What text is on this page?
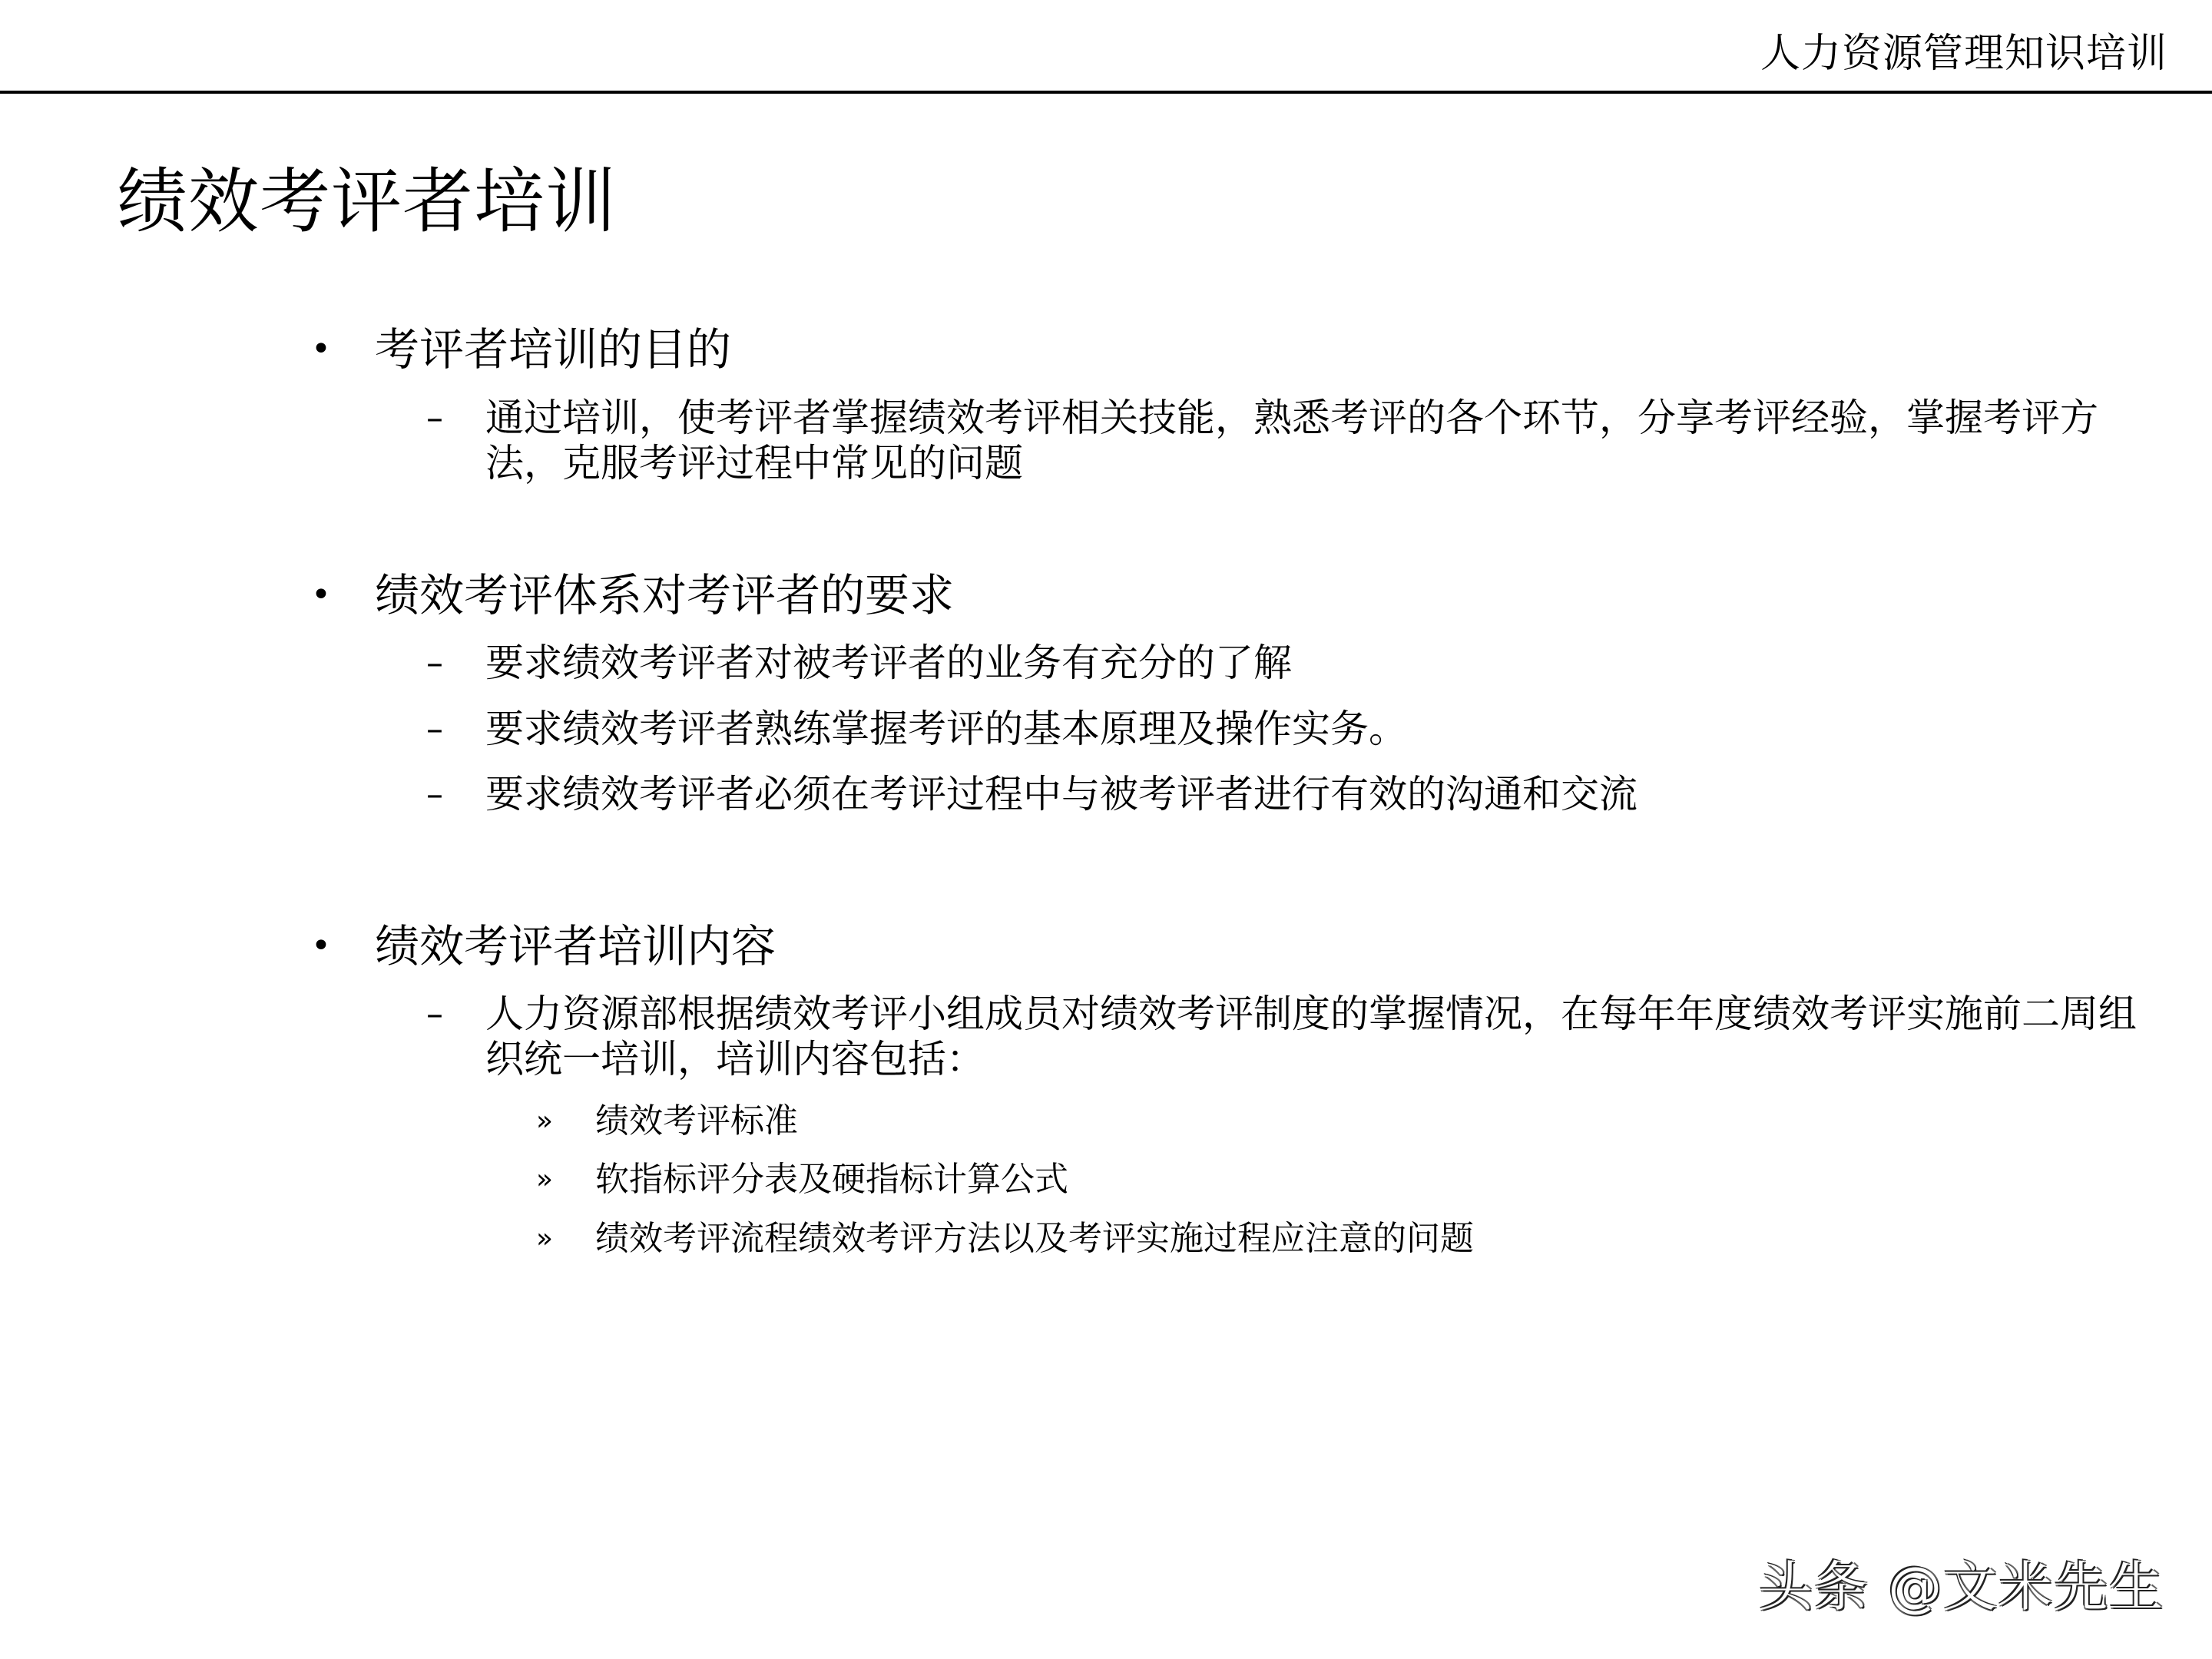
人力资源管理知识培训
绩效考评者培训
• 考评者培训的目的
– 通过培训，使考评者掌握绩效考评相关技能，熟悉考评的各个环节，分享考评经验，掌握考评方法，克服考评过程中常见的问题
• 绩效考评体系对考评者的要求
– 要求绩效考评者对被考评者的业务有充分的了解
– 要求绩效考评者熟练掌握考评的基本原理及操作实务。
– 要求绩效考评者必须在考评过程中与被考评者进行有效的沟通和交流
• 绩效考评者培训内容
– 人力资源部根据绩效考评小组成员对绩效考评制度的掌握情况，在每年年度绩效考评实施前二周组织统一培训，培训内容包括：
» 绩效考评标准
» 软指标评分表及硬指标计算公式
» 绩效考评流程绩效考评方法以及考评实施过程应注意的问题
头条 @文米先生
